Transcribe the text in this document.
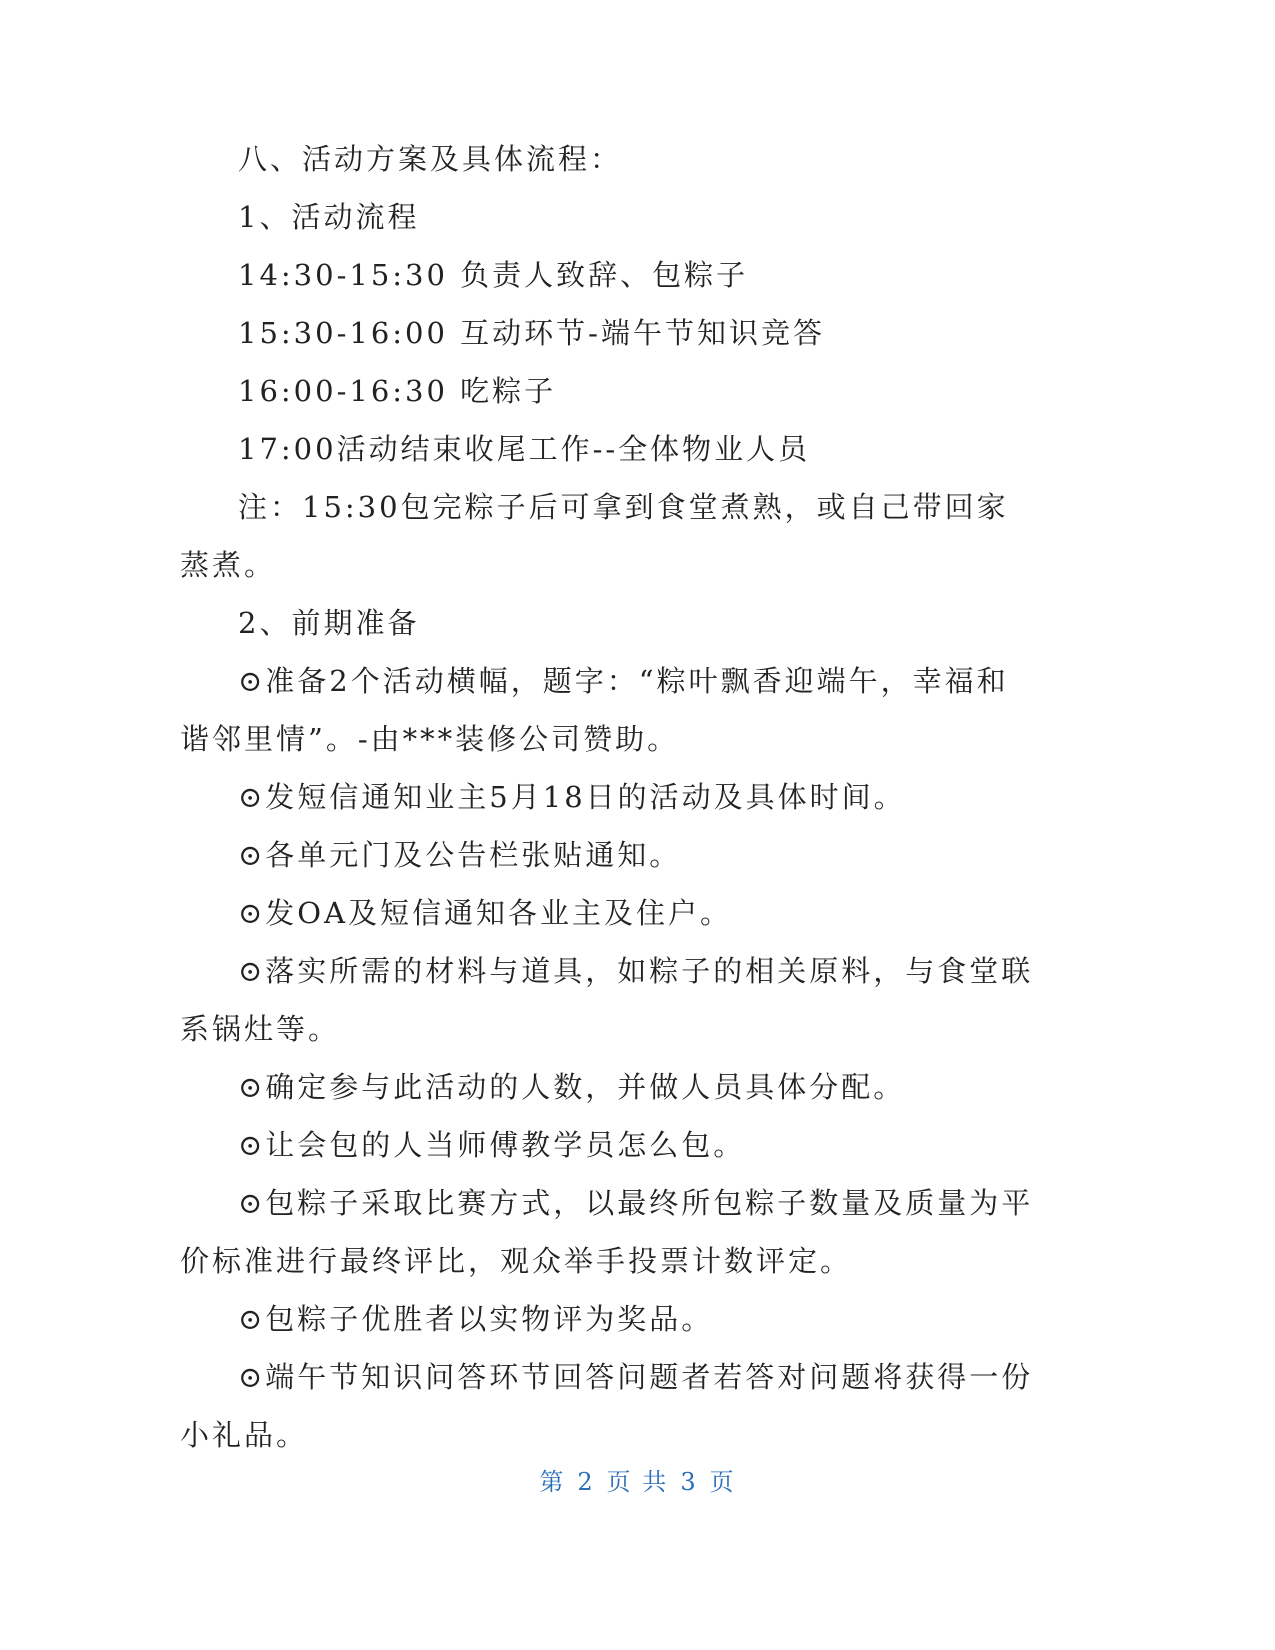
八、活动方案及具体流程：

1、活动流程

14:30-15:30 负责人致辞、包粽子

15:30-16:00 互动环节-端午节知识竞答

16:00-16:30 吃粽子

17:00活动结束收尾工作--全体物业人员

注：15:30包完粽子后可拿到食堂煮熟，或自己带回家蒸煮。

2、前期准备

⊙准备2个活动横幅，题字：“粽叶飘香迎端午，幸福和谐邻里情”。-由***装修公司赞助。

⊙发短信通知业主5月18日的活动及具体时间。

⊙各单元门及公告栏张贴通知。

⊙发OA及短信通知各业主及住户。

⊙落实所需的材料与道具，如粽子的相关原料，与食堂联系锅灶等。

⊙确定参与此活动的人数，并做人员具体分配。

⊙让会包的人当师傅教学员怎么包。

⊙包粽子采取比赛方式，以最终所包粽子数量及质量为平价标准进行最终评比，观众举手投票计数评定。

⊙包粽子优胜者以实物评为奖品。

⊙端午节知识问答环节回答问题者若答对问题将获得一份小礼品。

第 2 页 共 3 页
